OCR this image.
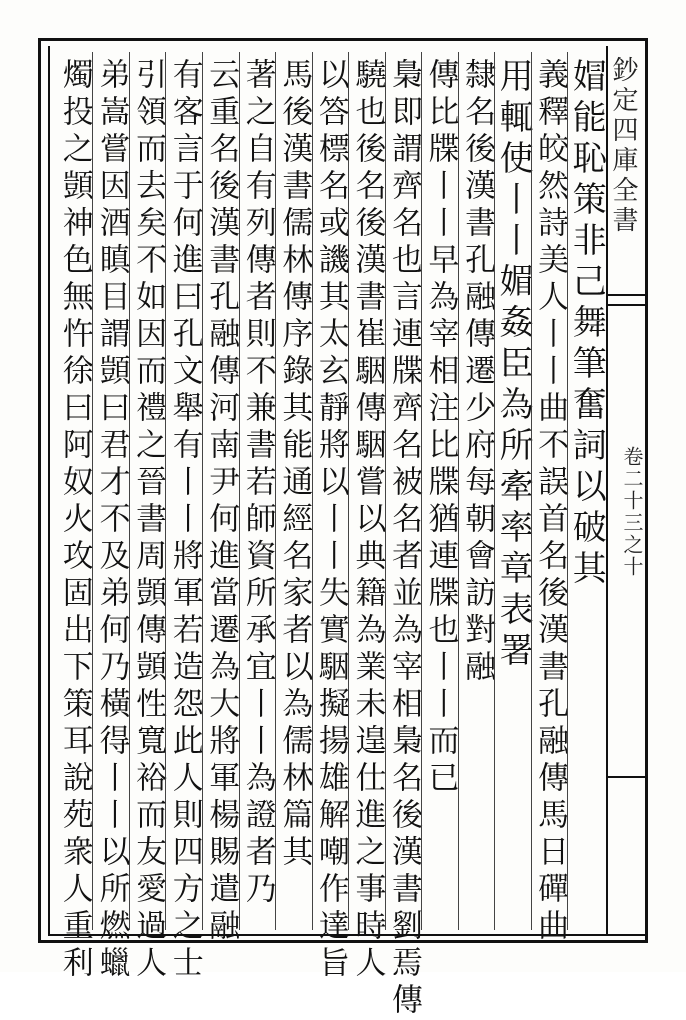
鈔定四庫全書
卷二十三之十
媢能恥策非己舞筆奮詞以破其
義釋皎然詩美人丨丨曲不誤首名後漢書孔融傳馬日磾曲
用輒使丨丨媚姦臣為所牽率章表署
隸名後漢書孔融傳遷少府每朝會訪對融
傳比牒丨丨早為宰相注比牒猶連牒也丨丨而已
梟即謂齊名也言連牒齊名被名者並為宰相梟名後漢書劉焉傳
驍也後名後漢書崔駰傳駰嘗以典籍為業未遑仕進之事時人
以答標名或譏其太玄靜將以丨丨失實駰擬揚雄解嘲作達旨
馬後漢書儒林傳序錄其能通經名家者以為儒林篇其
著之自有列傳者則不兼書若師資所承宜丨丨為證者乃
云重名後漢書孔融傳河南尹何進當遷為大將軍楊賜遣融
有客言于何進曰孔文舉有丨丨將軍若造怨此人則四方之士
引領而去矣不如因而禮之晉書周顗傳顗性寬裕而友愛過人
弟嵩嘗因酒瞋目謂顗曰君才不及弟何乃橫得丨丨以所燃蠟
燭投之顗神色無忤徐曰阿奴火攻固出下策耳說苑衆人重利
